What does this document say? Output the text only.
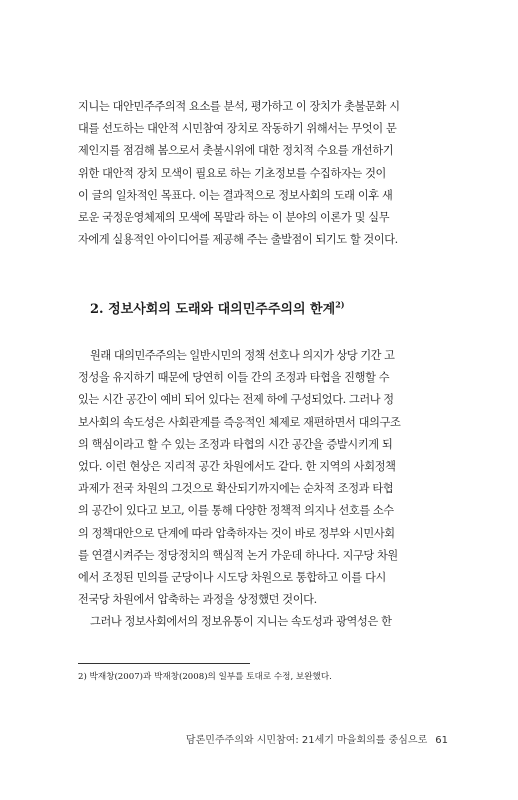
지니는 대안민주주의적 요소를 분석, 평가하고 이 장치가 촛불문화 시
대를 선도하는 대안적 시민참여 장치로 작동하기 위해서는 무엇이 문
제인지를 점검해 봄으로서 촛불시위에 대한 정치적 수요를 개선하기
위한 대안적 장치 모색이 필요로 하는 기초정보를 수집하자는 것이
이 글의 일차적인 목표다. 이는 결과적으로 정보사회의 도래 이후 새
로운 국정운영체제의 모색에 목말라 하는 이 분야의 이론가 및 실무
자에게 실용적인 아이디어를 제공해 주는 출발점이 되기도 할 것이다.
2. 정보사회의 도래와 대의민주주의의 한계$^{2)}$
원래 대의민주주의는 일반시민의 정책 선호나 의지가 상당 기간 고
정성을 유지하기 때문에 당연히 이들 간의 조정과 타협을 진행할 수
있는 시간 공간이 예비 되어 있다는 전제 하에 구성되었다. 그러나 정
보사회의 속도성은 사회관계를 즉응적인 체제로 재편하면서 대의구조
의 핵심이라고 할 수 있는 조정과 타협의 시간 공간을 증발시키게 되
었다. 이런 현상은 지리적 공간 차원에서도 같다. 한 지역의 사회정책
과제가 전국 차원의 그것으로 확산되기까지에는 순차적 조정과 타협
의 공간이 있다고 보고, 이를 통해 다양한 정책적 의지나 선호를 소수
의 정책대안으로 단계에 따라 압축하자는 것이 바로 정부와 시민사회
를 연결시켜주는 정당정치의 핵심적 논거 가운데 하나다. 지구당 차원
에서 조정된 민의를 군당이나 시도당 차원으로 통합하고 이를 다시
전국당 차원에서 압축하는 과정을 상정했던 것이다.
그러나 정보사회에서의 정보유통이 지니는 속도성과 광역성은 한
2) 박재창(2007)과 박재창(2008)의 일부를 토대로 수정, 보완했다.
담론민주주의와 시민참여: 21세기 마을회의를 중심으로 61
